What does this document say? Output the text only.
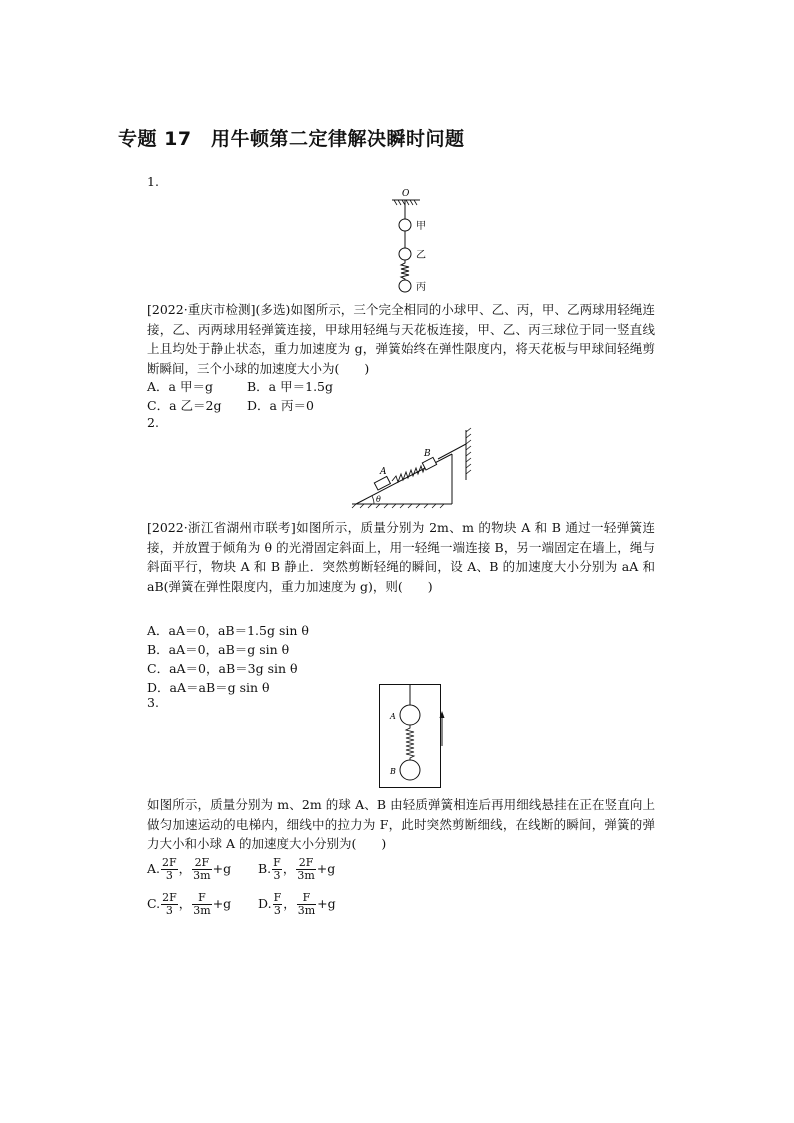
专题 17　用牛顿第二定律解决瞬时问题
1.
O
甲
乙
丙
[2022·重庆市检测](多选)如图所示，三个完全相同的小球甲、乙、丙，甲、乙两球用轻绳连接，乙、丙两球用轻弹簧连接，甲球用轻绳与天花板连接，甲、乙、丙三球位于同一竖直线上且均处于静止状态，重力加速度为 g，弹簧始终在弹性限度内，将天花板与甲球间轻绳剪断瞬间，三个小球的加速度大小为(　　)
A．a 甲＝g	B．a 甲＝1.5g
C．a 乙＝2g D．a 丙＝0
2.
θ
A
B
[2022·浙江省湖州市联考]如图所示，质量分别为 2m、m 的物块 A 和 B 通过一轻弹簧连接，并放置于倾角为 θ 的光滑固定斜面上，用一轻绳一端连接 B，另一端固定在墙上，绳与斜面平行，物块 A 和 B 静止．突然剪断轻绳的瞬间，设 A、B 的加速度大小分别为 aA 和 aB(弹簧在弹性限度内，重力加速度为 g)，则(　　)
A．aA＝0，aB＝1.5g sin θ
B．aA＝0，aB＝g sin θ
C．aA＝0，aB＝3g sin θ
D．aA＝aB＝g sin θ
3.
A
B
如图所示，质量分别为 m、2m 的球 A、B 由轻质弹簧相连后再用细线悬挂在正在竖直向上做匀加速运动的电梯内，细线中的拉力为 F，此时突然剪断细线，在线断的瞬间，弹簧的弹力大小和小球 A 的加速度大小分别为(　　)
A. $\frac{2F}{3}$ ， $\frac{2F}{3m} +g$ B. $\frac{F}{3}$ ， $\frac{2F}{3m} +g$
C. $\frac{2F}{3}$ ， $\frac{F}{3m} +g$ D. $\frac{F}{3}$ ， $\frac{F}{3m} +g$
